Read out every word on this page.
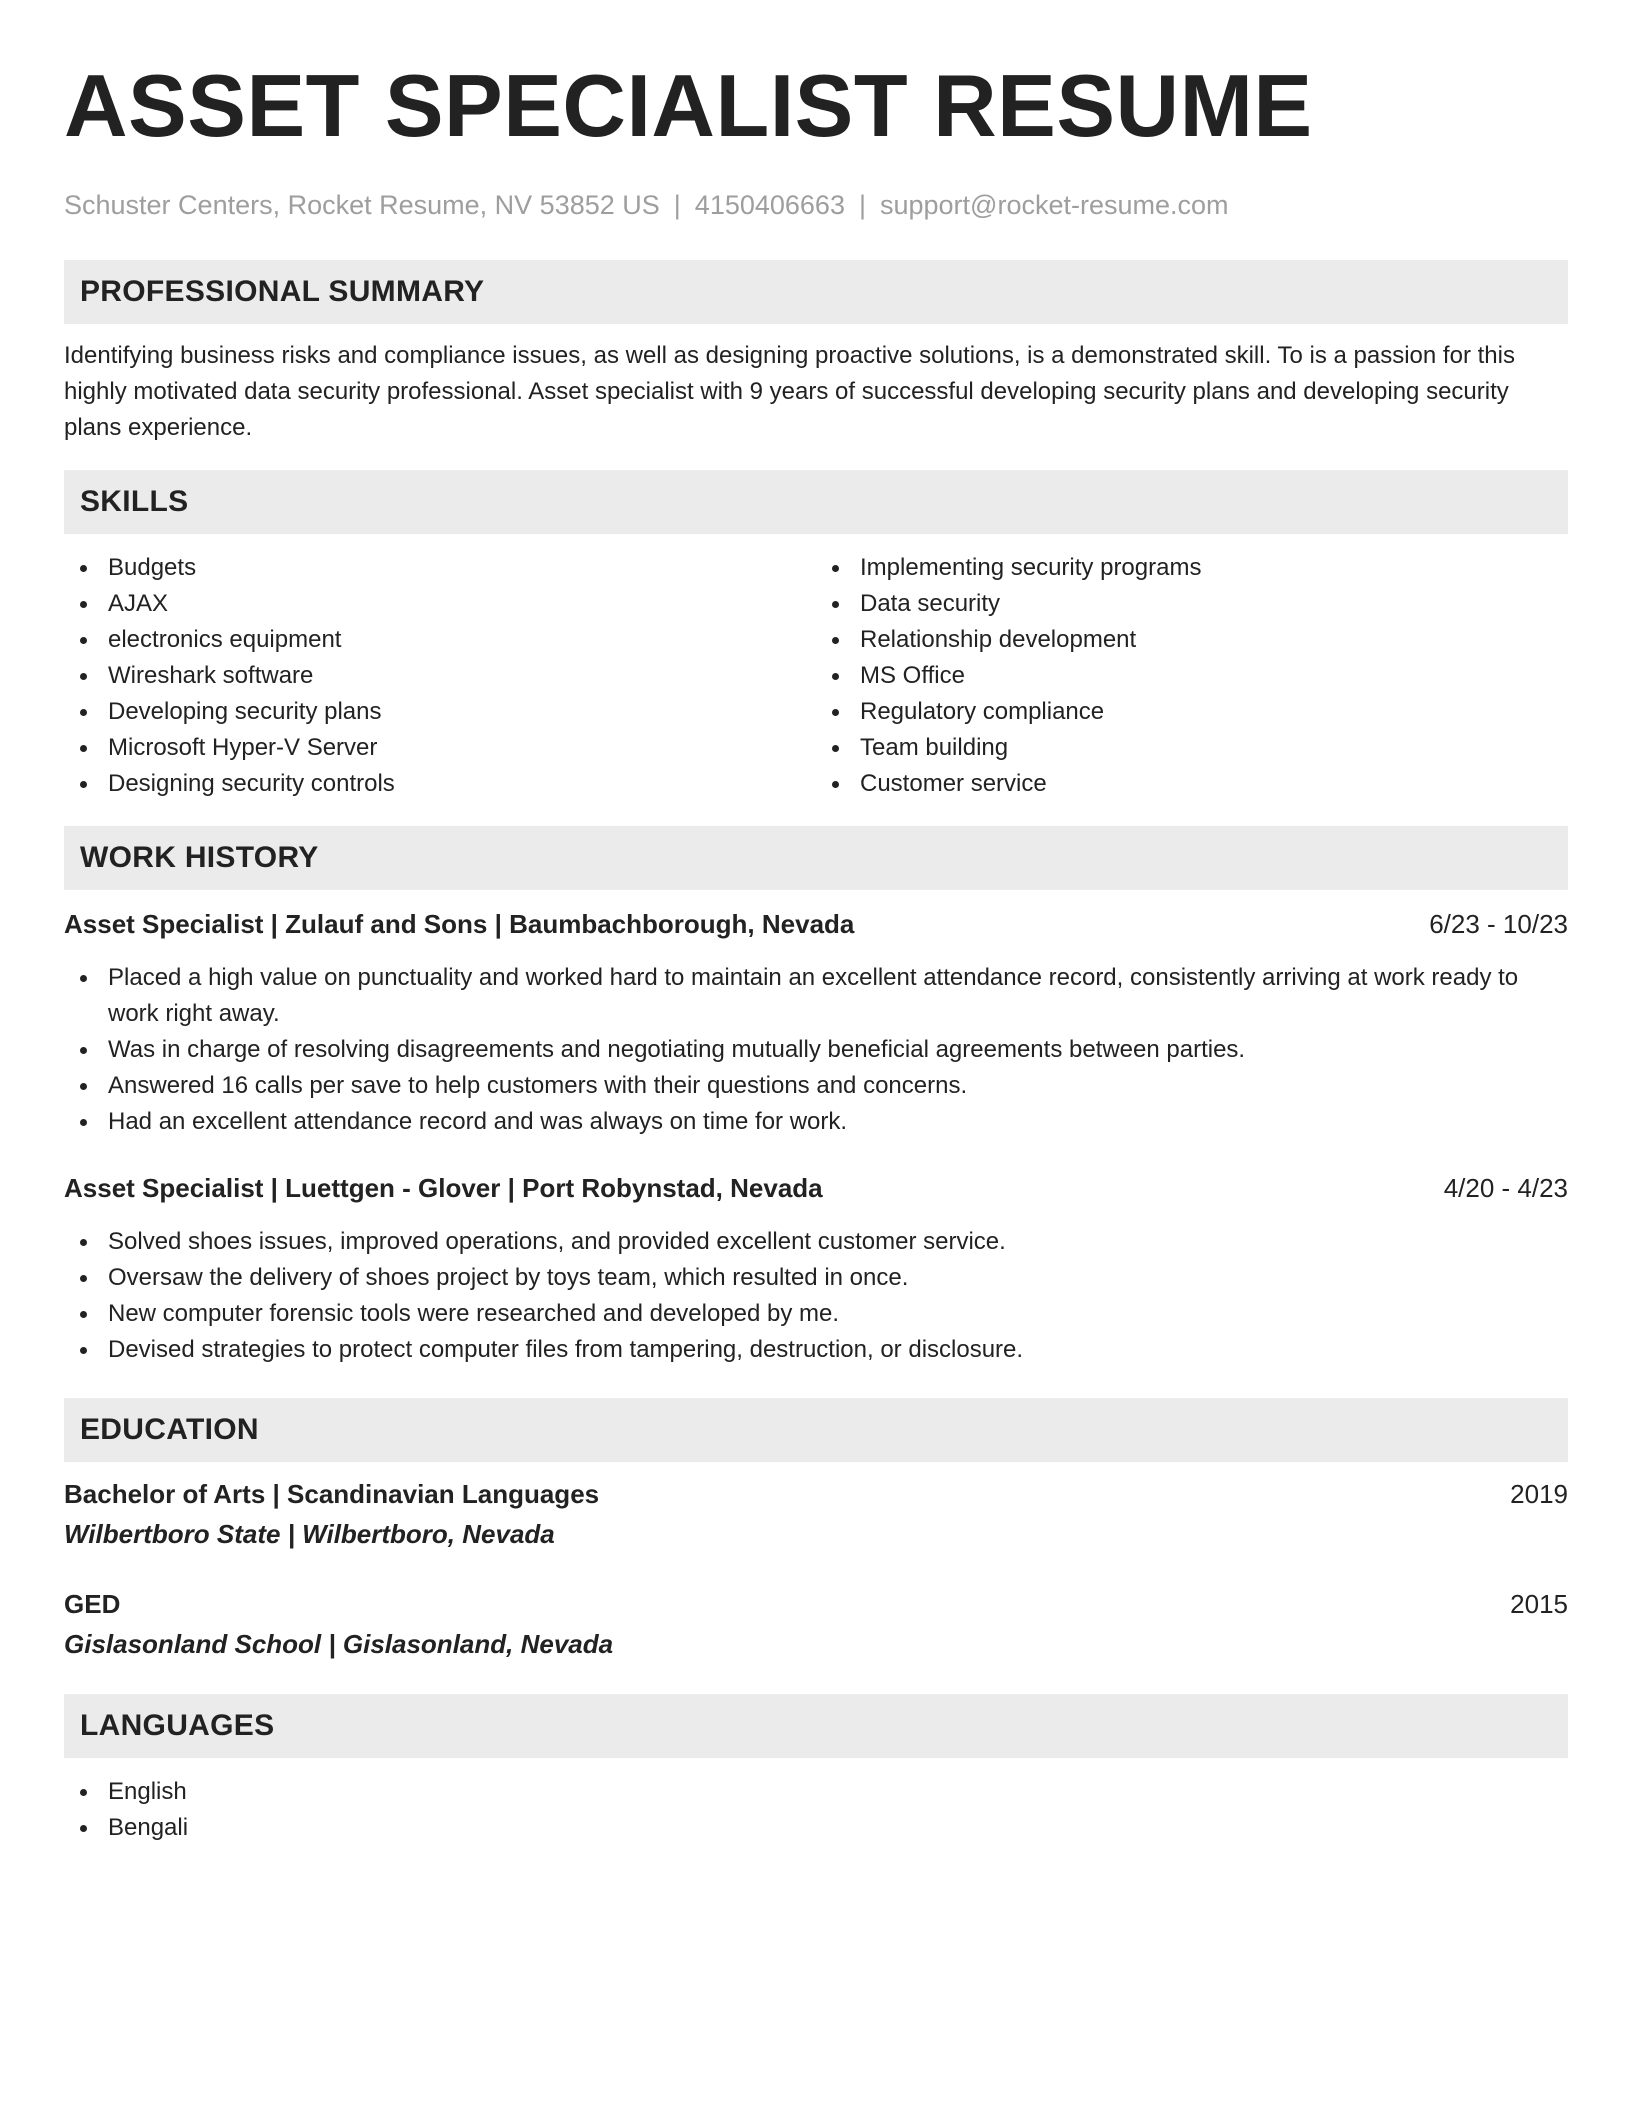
ASSET SPECIALIST RESUME
Schuster Centers, Rocket Resume, NV 53852 US | 4150406663 | support@rocket-resume.com
PROFESSIONAL SUMMARY

Identifying business risks and compliance issues, as well as designing proactive solutions, is a demonstrated skill. To is a passion for this highly motivated data security professional. Asset specialist with 9 years of successful developing security plans and developing security plans experience.

SKILLS
Budgets
AJAX
electronics equipment
Wireshark software
Developing security plans
Microsoft Hyper-V Server
Designing security controls
Implementing security programs
Data security
Relationship development
MS Office
Regulatory compliance
Team building
Customer service
WORK HISTORY
Asset Specialist | Zulauf and Sons | Baumbachborough, Nevada	6/23 - 10/23
Placed a high value on punctuality and worked hard to maintain an excellent attendance record, consistently arriving at work ready to work right away.
Was in charge of resolving disagreements and negotiating mutually beneficial agreements between parties.
Answered 16 calls per save to help customers with their questions and concerns.
Had an excellent attendance record and was always on time for work.
Asset Specialist | Luettgen - Glover | Port Robynstad, Nevada	4/20 - 4/23
Solved shoes issues, improved operations, and provided excellent customer service.
Oversaw the delivery of shoes project by toys team, which resulted in once.
New computer forensic tools were researched and developed by me.
Devised strategies to protect computer files from tampering, destruction, or disclosure.
EDUCATION
Bachelor of Arts | Scandinavian Languages	2019
Wilbertboro State | Wilbertboro, Nevada
GED	2015
Gislasonland School | Gislasonland, Nevada
LANGUAGES
English
Bengali
